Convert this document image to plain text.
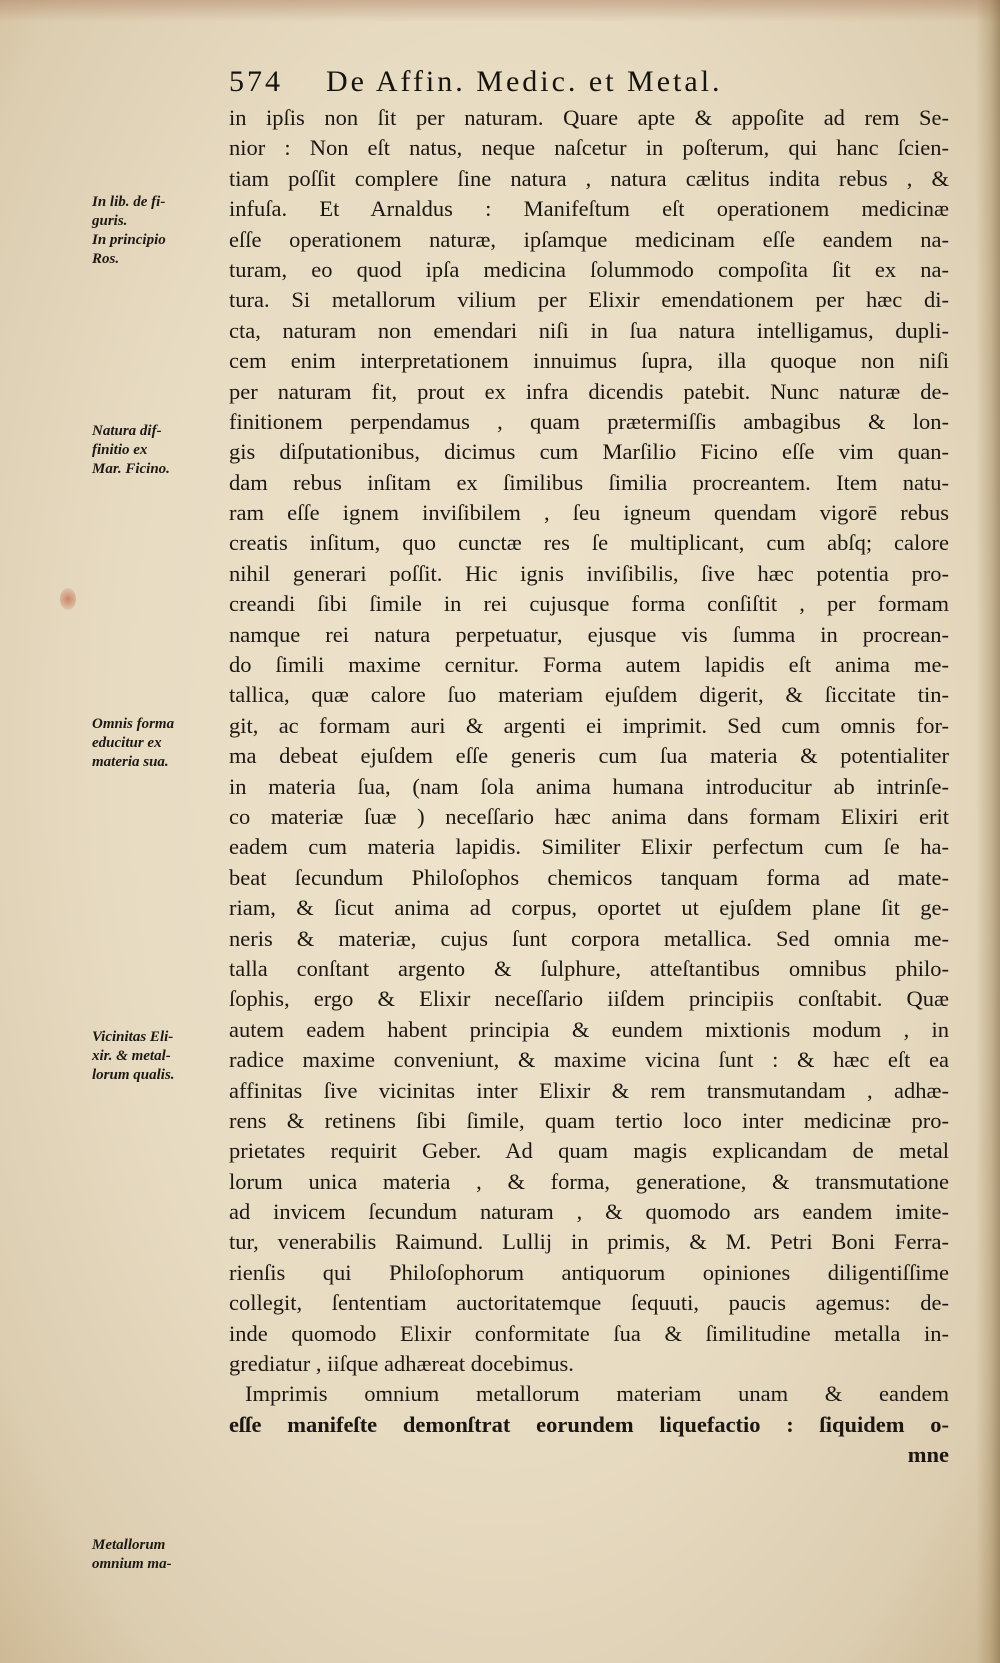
574 De Affin. Medic. et Metal.
In lib. de fi-
guris.
In principio
Ros.
Natura dif-
finitio ex
Mar. Ficino.
Omnis forma
educitur ex
materia sua.
Vicinitas Eli-
xir. & metal-
lorum qualis.
Metallorum
omnium ma-
in ipſis non ſit per naturam. Quare apte & appoſite ad rem Se-
nior : Non eſt natus, neque naſcetur in poſterum, qui hanc ſcien-
tiam poſſit complere ſine natura , natura cælitus indita rebus , &
infuſa. Et Arnaldus : Manifeſtum eſt operationem medicinæ
eſſe operationem naturæ, ipſamque medicinam eſſe eandem na-
turam, eo quod ipſa medicina ſolummodo compoſita ſit ex na-
tura. Si metallorum vilium per Elixir emendationem per hæc di-
cta, naturam non emendari niſi in ſua natura intelligamus, dupli-
cem enim interpretationem innuimus ſupra, illa quoque non niſi
per naturam fit, prout ex infra dicendis patebit. Nunc naturæ de-
finitionem perpendamus , quam prætermiſſis ambagibus & lon-
gis diſputationibus, dicimus cum Marſilio Ficino eſſe vim quan-
dam rebus inſitam ex ſimilibus ſimilia procreantem. Item natu-
ram eſſe ignem inviſibilem , ſeu igneum quendam vigorē rebus
creatis inſitum, quo cunctæ res ſe multiplicant, cum abſq; calore
nihil generari poſſit. Hic ignis inviſibilis, ſive hæc potentia pro-
creandi ſibi ſimile in rei cujusque forma conſiſtit , per formam
namque rei natura perpetuatur, ejusque vis ſumma in procrean-
do ſimili maxime cernitur. Forma autem lapidis eſt anima me-
tallica, quæ calore ſuo materiam ejuſdem digerit, & ſiccitate tin-
git, ac formam auri & argenti ei imprimit. Sed cum omnis for-
ma debeat ejuſdem eſſe generis cum ſua materia & potentialiter
in materia ſua, (nam ſola anima humana introducitur ab intrinſe-
co materiæ ſuæ ) neceſſario hæc anima dans formam Elixiri erit
eadem cum materia lapidis. Similiter Elixir perfectum cum ſe ha-
beat ſecundum Philoſophos chemicos tanquam forma ad mate-
riam, & ſicut anima ad corpus, oportet ut ejuſdem plane ſit ge-
neris & materiæ, cujus ſunt corpora metallica. Sed omnia me-
talla conſtant argento & ſulphure, atteſtantibus omnibus philo-
ſophis, ergo & Elixir neceſſario iiſdem principiis conſtabit. Quæ
autem eadem habent principia & eundem mixtionis modum , in
radice maxime conveniunt, & maxime vicina ſunt : & hæc eſt ea
affinitas ſive vicinitas inter Elixir & rem transmutandam , adhæ-
rens & retinens ſibi ſimile, quam tertio loco inter medicinæ pro-
prietates requirit Geber. Ad quam magis explicandam de metal
lorum unica materia , & forma, generatione, & transmutatione
ad invicem ſecundum naturam , & quomodo ars eandem imite-
tur, venerabilis Raimund. Lullij in primis, & M. Petri Boni Ferra-
rienſis qui Philoſophorum antiquorum opiniones diligentiſſime
collegit, ſententiam auctoritatemque ſequuti, paucis agemus: de-
inde quomodo Elixir conformitate ſua & ſimilitudine metalla in-
grediatur , iiſque adhæreat docebimus.
Imprimis omnium metallorum materiam unam & eandem
eſſe manifeſte demonſtrat eorundem liquefactio : ſiquidem o-
mne
